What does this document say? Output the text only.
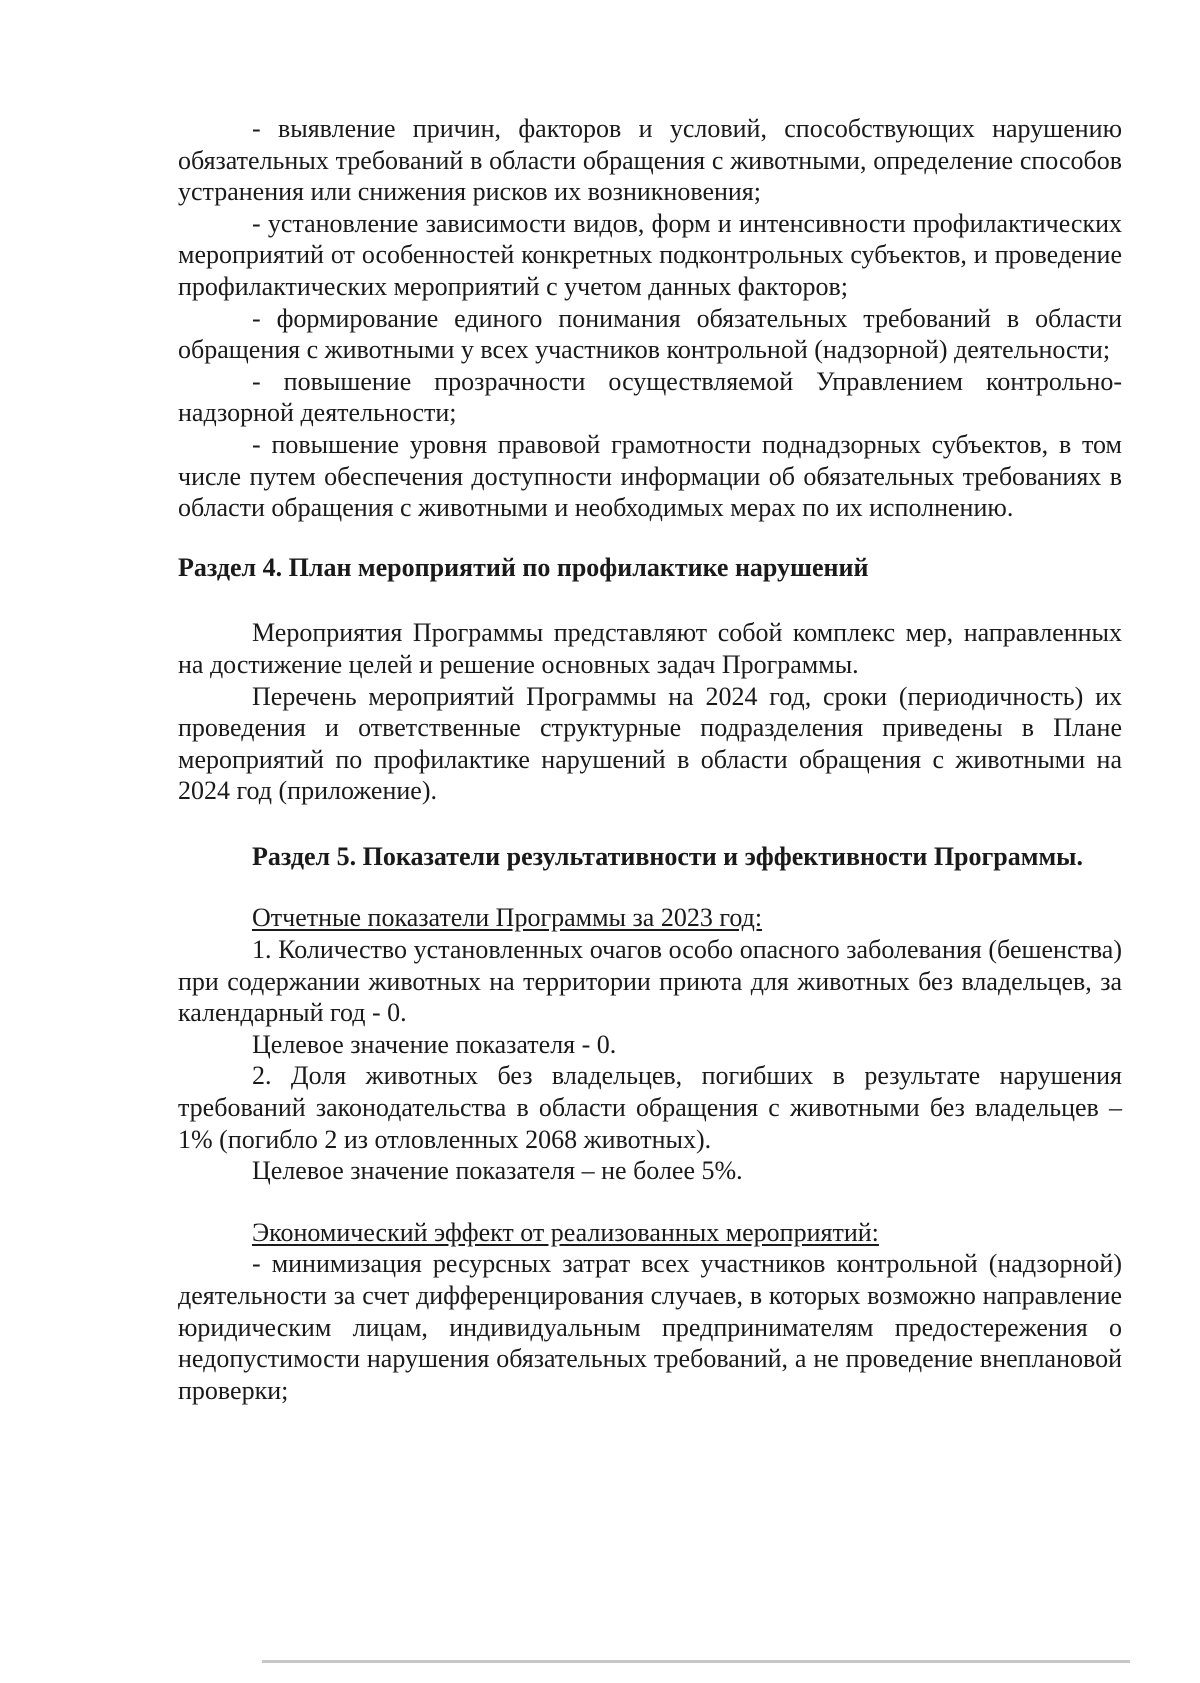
- выявление причин, факторов и условий, способствующих нарушению обязательных требований в области обращения с животными, определение способов устранения или снижения рисков их возникновения;

- установление зависимости видов, форм и интенсивности профилактических мероприятий от особенностей конкретных подконтрольных субъектов, и проведение профилактических мероприятий с учетом данных факторов;

- формирование единого понимания обязательных требований в области обращения с животными у всех участников контрольной (надзорной) деятельности;

- повышение прозрачности осуществляемой Управлением контрольно-надзорной деятельности;

- повышение уровня правовой грамотности поднадзорных субъектов, в том числе путем обеспечения доступности информации об обязательных требованиях в области обращения с животными и необходимых мерах по их исполнению.

Раздел 4. План мероприятий по профилактике нарушений

Мероприятия Программы представляют собой комплекс мер, направленных на достижение целей и решение основных задач Программы.

Перечень мероприятий Программы на 2024 год, сроки (периодичность) их проведения и ответственные структурные подразделения приведены в Плане мероприятий по профилактике нарушений в области обращения с животными на 2024 год (приложение).

Раздел 5. Показатели результативности и эффективности Программы.

Отчетные показатели Программы за 2023 год:

1. Количество установленных очагов особо опасного заболевания (бешенства) при содержании животных на территории приюта для животных без владельцев, за календарный год - 0.

Целевое значение показателя - 0.

2. Доля животных без владельцев, погибших в результате нарушения требований законодательства в области обращения с животными без владельцев – 1% (погибло 2 из отловленных 2068 животных).

Целевое значение показателя – не более 5%.

Экономический эффект от реализованных мероприятий:

- минимизация ресурсных затрат всех участников контрольной (надзорной) деятельности за счет дифференцирования случаев, в которых возможно направление юридическим лицам, индивидуальным предпринимателям предостережения о недопустимости нарушения обязательных требований, а не проведение внеплановой проверки;
